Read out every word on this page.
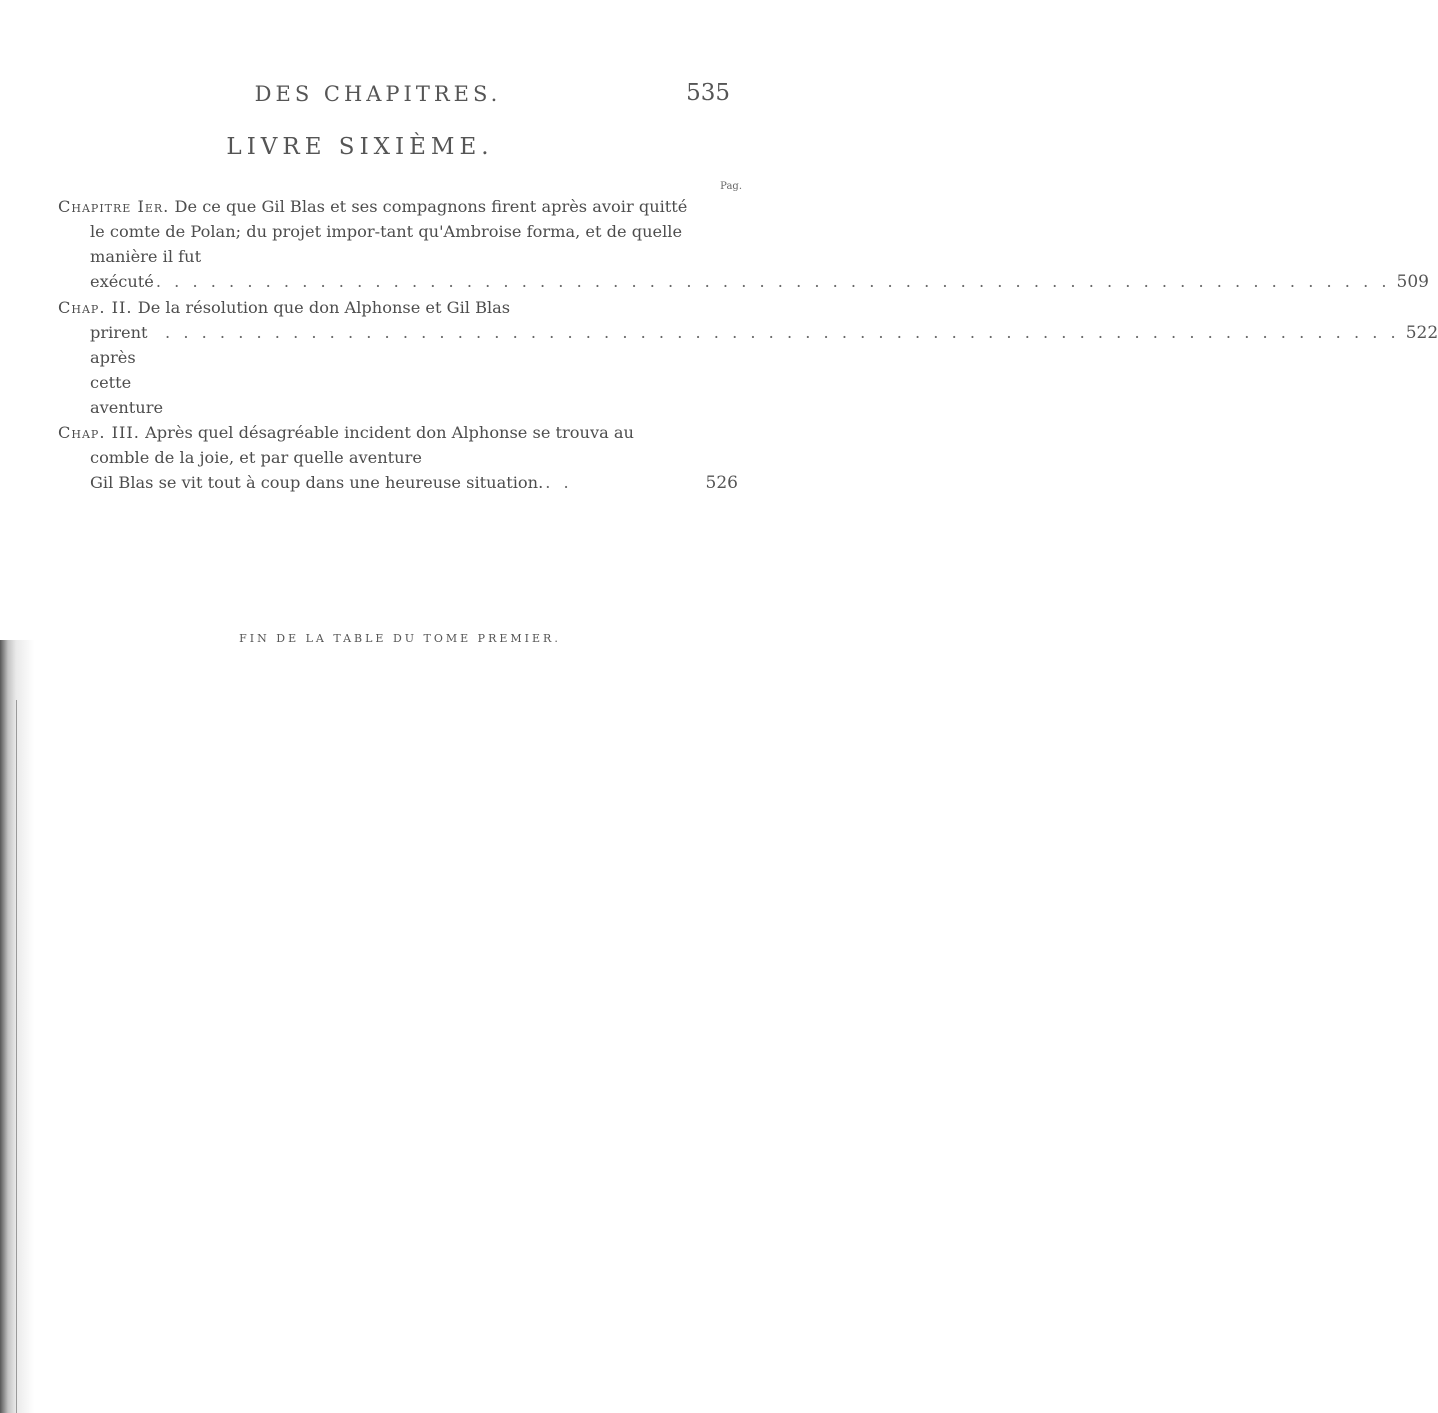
DES CHAPITRES.	535
LIVRE SIXIÈME.
Pag.
Chapitre Ier. De ce que Gil Blas et ses compagnons firent après avoir quitté le comte de Polan; du projet impor-tant qu'Ambroise forma, et de quelle manière il fut
exécuté . . . . . . . . . . . . . . . . . . . . . . . . . . . . . . . . . . . . . . . . . . . . . . . . . . . . . . . . . . . . . . . . . . . . 509
Chap. II. De la résolution que don Alphonse et Gil Blas
prirent après cette aventure
. . . . . . . . . . . . . . . . . . . . . . . . . . . . . . . . . . . . . . . . . . . . . . . . . . . . . . . . . . . . . . . . . . . . 522
Chap. III. Après quel désagréable incident don Alphonse se trouva au comble de la joie, et par quelle aventure
Gil Blas se vit tout à coup dans une heureuse situation. . .	526
FIN DE LA TABLE DU TOME PREMIER.
